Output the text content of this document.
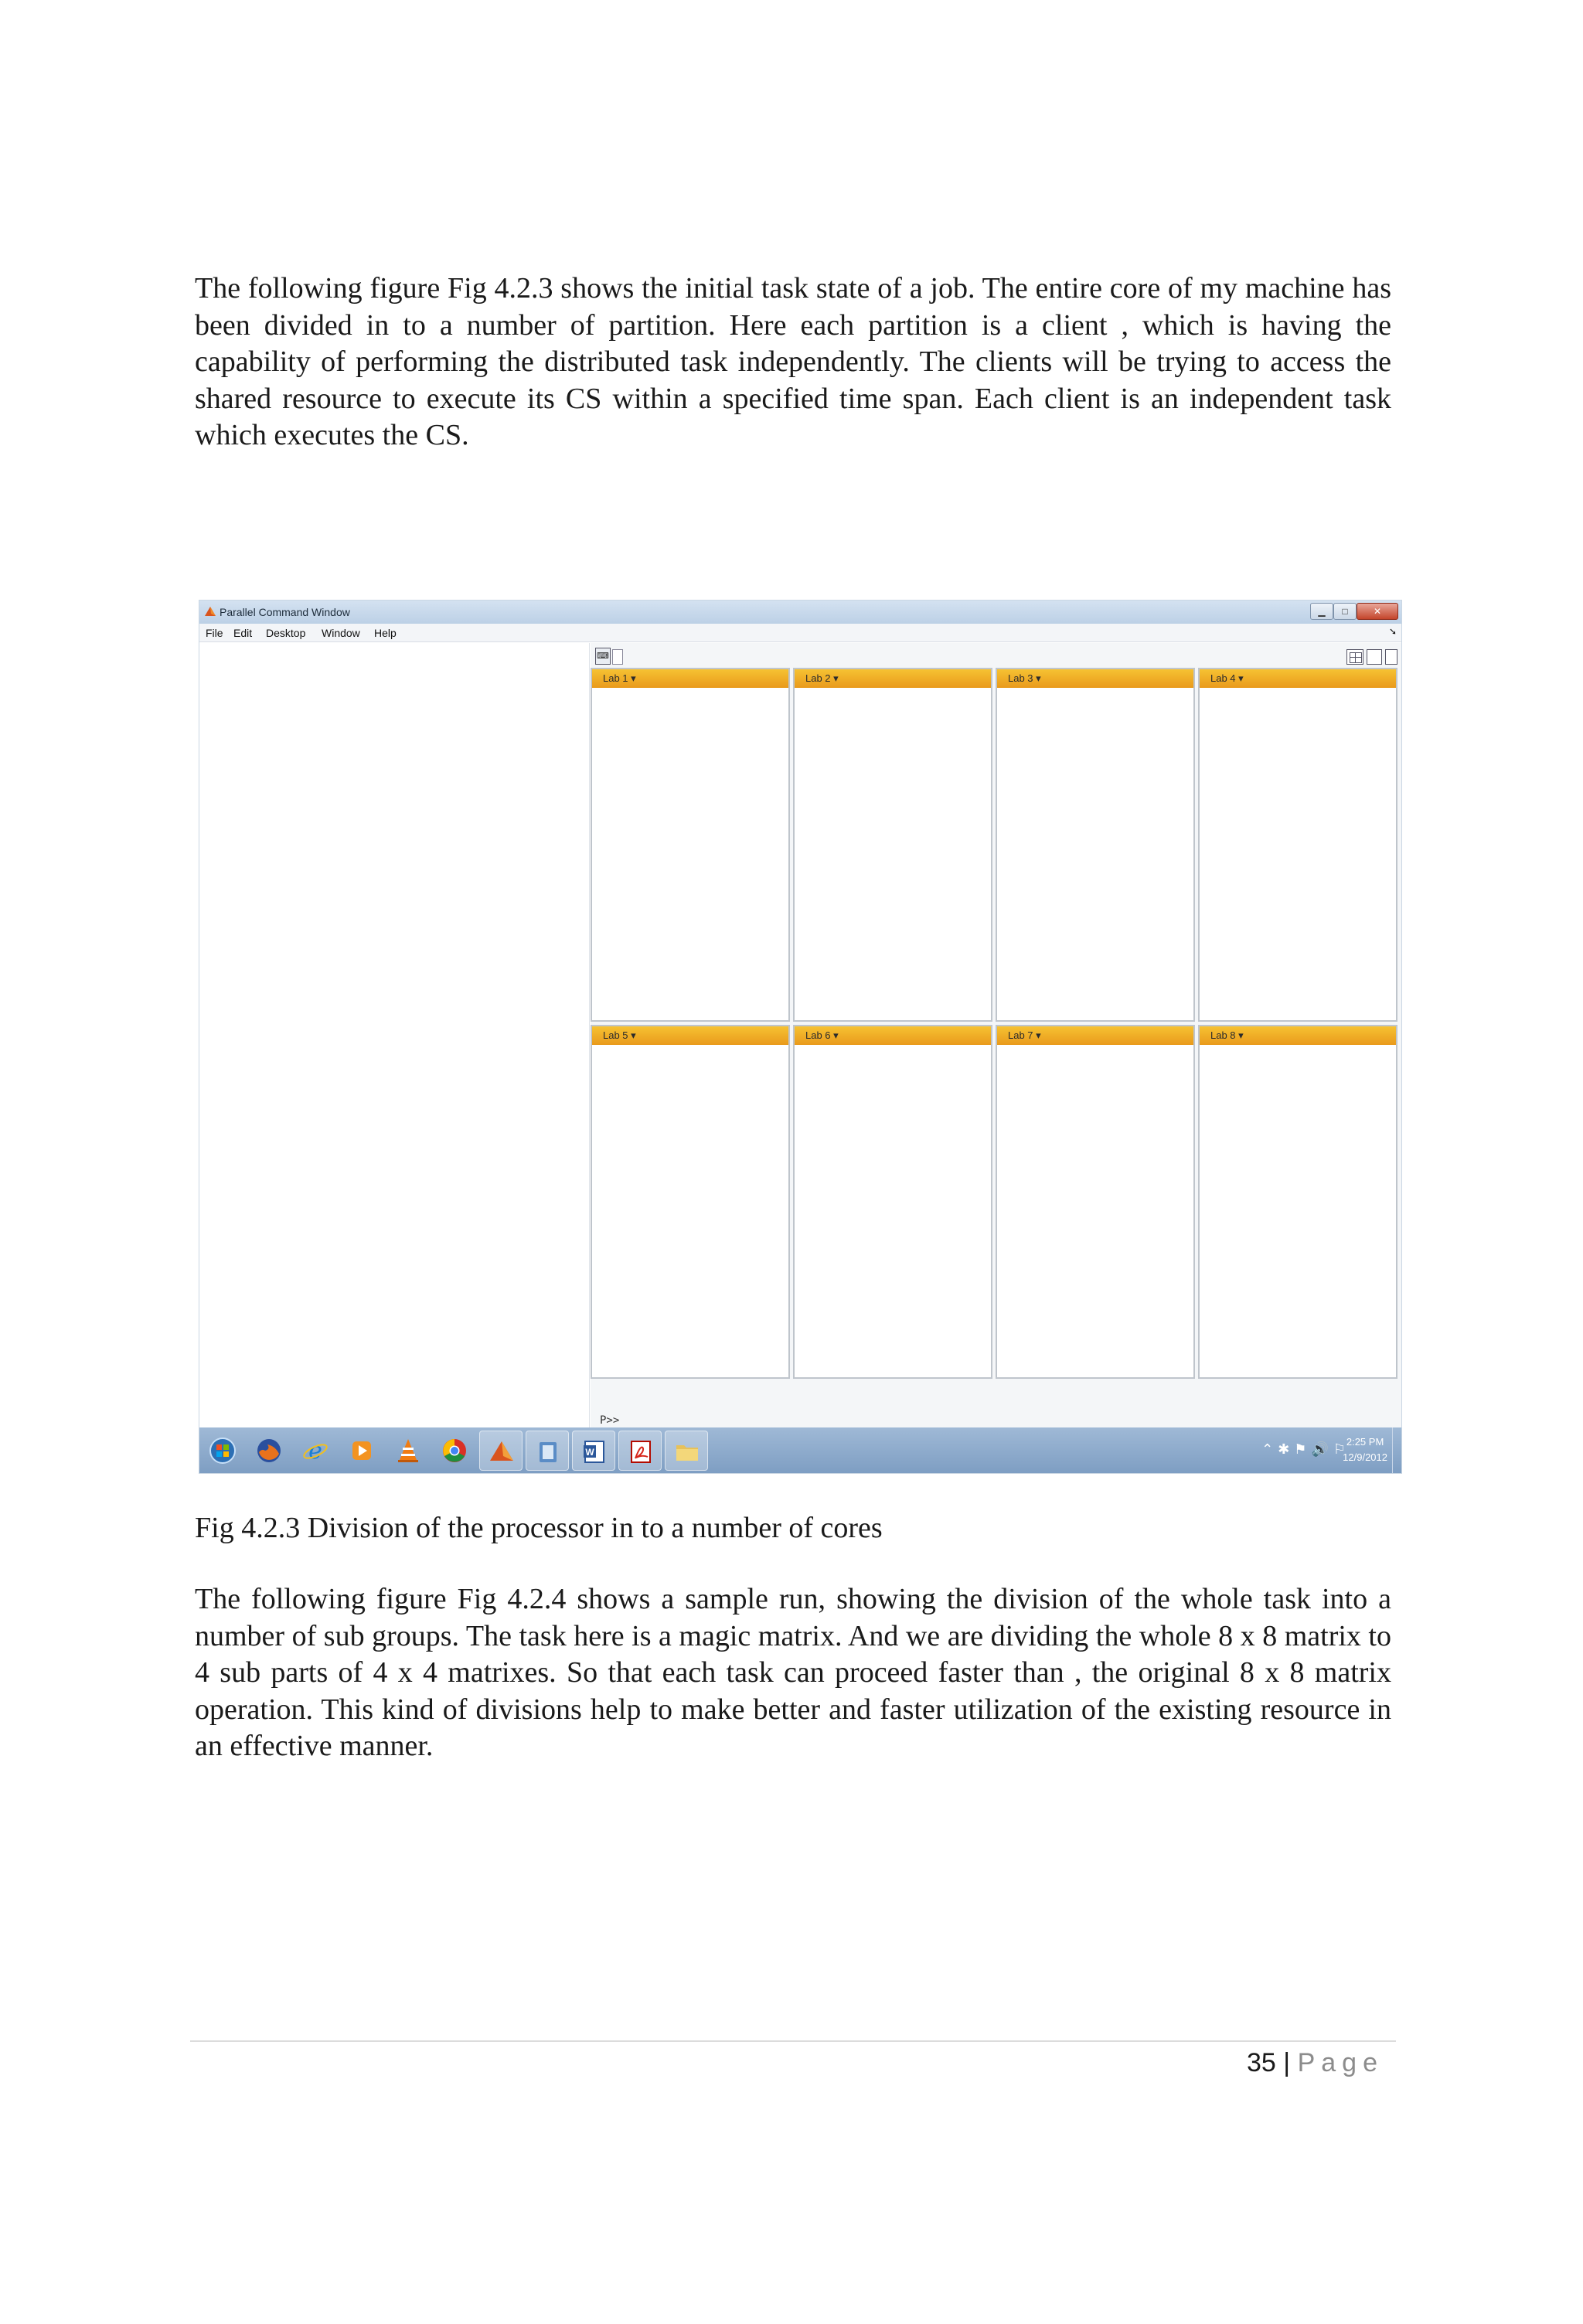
The following figure Fig 4.2.3 shows the initial task state of a job. The entire core of my machine has been divided in to a number of partition. Here each partition is a client , which is having the capability of performing the distributed task independently. The clients will be trying to access the shared resource to execute its CS within a specified time span. Each client is an independent task which executes the CS.

Parallel Command Window	▁	□	✕
File Edit Desktop Window Help	➘
⌨
Lab 1 ▾	Lab 2 ▾	Lab 3 ▾	Lab 4 ▾
Lab 5 ▾	Lab 6 ▾	Lab 7 ▾	Lab 8 ▾
P>>
e	W	⌃✱⚑🔊⚐
2:25 PM
12/9/2012

Fig 4.2.3 Division of the processor in to a number of cores

The following figure Fig 4.2.4 shows a sample run, showing the division of the whole task into a number of sub groups. The task here is a magic matrix. And we are dividing the whole 8 x 8 matrix to 4 sub parts of 4 x 4 matrixes. So that each task can proceed faster than , the original 8 x 8 matrix operation. This kind of divisions help to make better and faster utilization of the existing resource in an effective manner.

35 | Page
